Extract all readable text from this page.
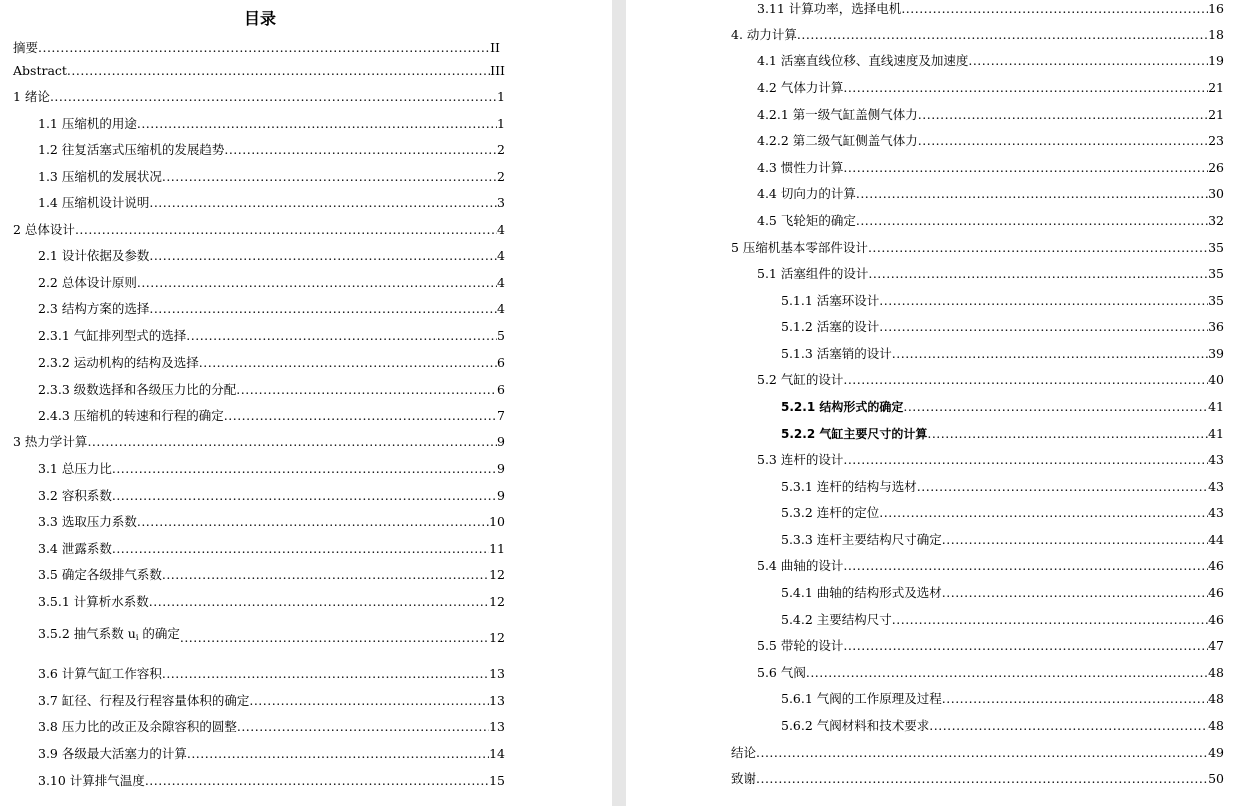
目录
摘要 .....	II
Abstract .....	III
1 绪论 .....	1
1.1 压缩机的用途 .....	1
1.2 往复活塞式压缩机的发展趋势 .....	2
1.3 压缩机的发展状况 .....	2
1.4 压缩机设计说明 .....	3
2 总体设计 .....	4
2.1 设计依据及参数 .....	4
2.2 总体设计原则 .....	4
2.3 结构方案的选择 .....	4
2.3.1 气缸排列型式的选择 .....	5
2.3.2 运动机构的结构及选择 .....	6
2.3.3 级数选择和各级压力比的分配 .....	6
2.4.3 压缩机的转速和行程的确定 .....	7
3 热力学计算 .....	9
3.1 总压力比 .....	9
3.2 容积系数 .....	9
3.3 选取压力系数 .....	10
3.4 泄露系数 .....	11
3.5 确定各级排气系数 .....	12
3.5.1 计算析水系数 .....	12
3.5.2 抽气系数 $u_i$ 的确定 .....	12
3.6 计算气缸工作容积 .....	13
3.7 缸径、行程及行程容量体积的确定 .....	13
3.8 压力比的改正及余隙容积的圆整 .....	13
3.9 各级最大活塞力的计算 .....	14
3.10 计算排气温度 .....	15
3.11 计算功率，选择电机 .....	16
4. 动力计算 .....	18
4.1 活塞直线位移、直线速度及加速度 .....	19
4.2 气体力计算 .....	21
4.2.1 第一级气缸盖侧气体力 .....	21
4.2.2 第二级气缸侧盖气体力 .....	23
4.3 惯性力计算 .....	26
4.4 切向力的计算 .....	30
4.5 飞轮矩的确定 .....	32
5 压缩机基本零部件设计 .....	35
5.1 活塞组件的设计 .....	35
5.1.1 活塞环设计 .....	35
5.1.2 活塞的设计 .....	36
5.1.3 活塞销的设计 .....	39
5.2 气缸的设计 .....	40
5.2.1 结构形式的确定 .....	41
5.2.2 气缸主要尺寸的计算 .....	41
5.3 连杆的设计 .....	43
5.3.1 连杆的结构与选材 .....	43
5.3.2 连杆的定位 .....	43
5.3.3 连杆主要结构尺寸确定 .....	44
5.4 曲轴的设计 .....	46
5.4.1 曲轴的结构形式及选材 .....	46
5.4.2 主要结构尺寸 .....	46
5.5 带轮的设计 .....	47
5.6 气阀 .....	48
5.6.1 气阀的工作原理及过程 .....	48
5.6.2 气阀材料和技术要求 .....	48
结论 .....	49
致谢 .....	50
